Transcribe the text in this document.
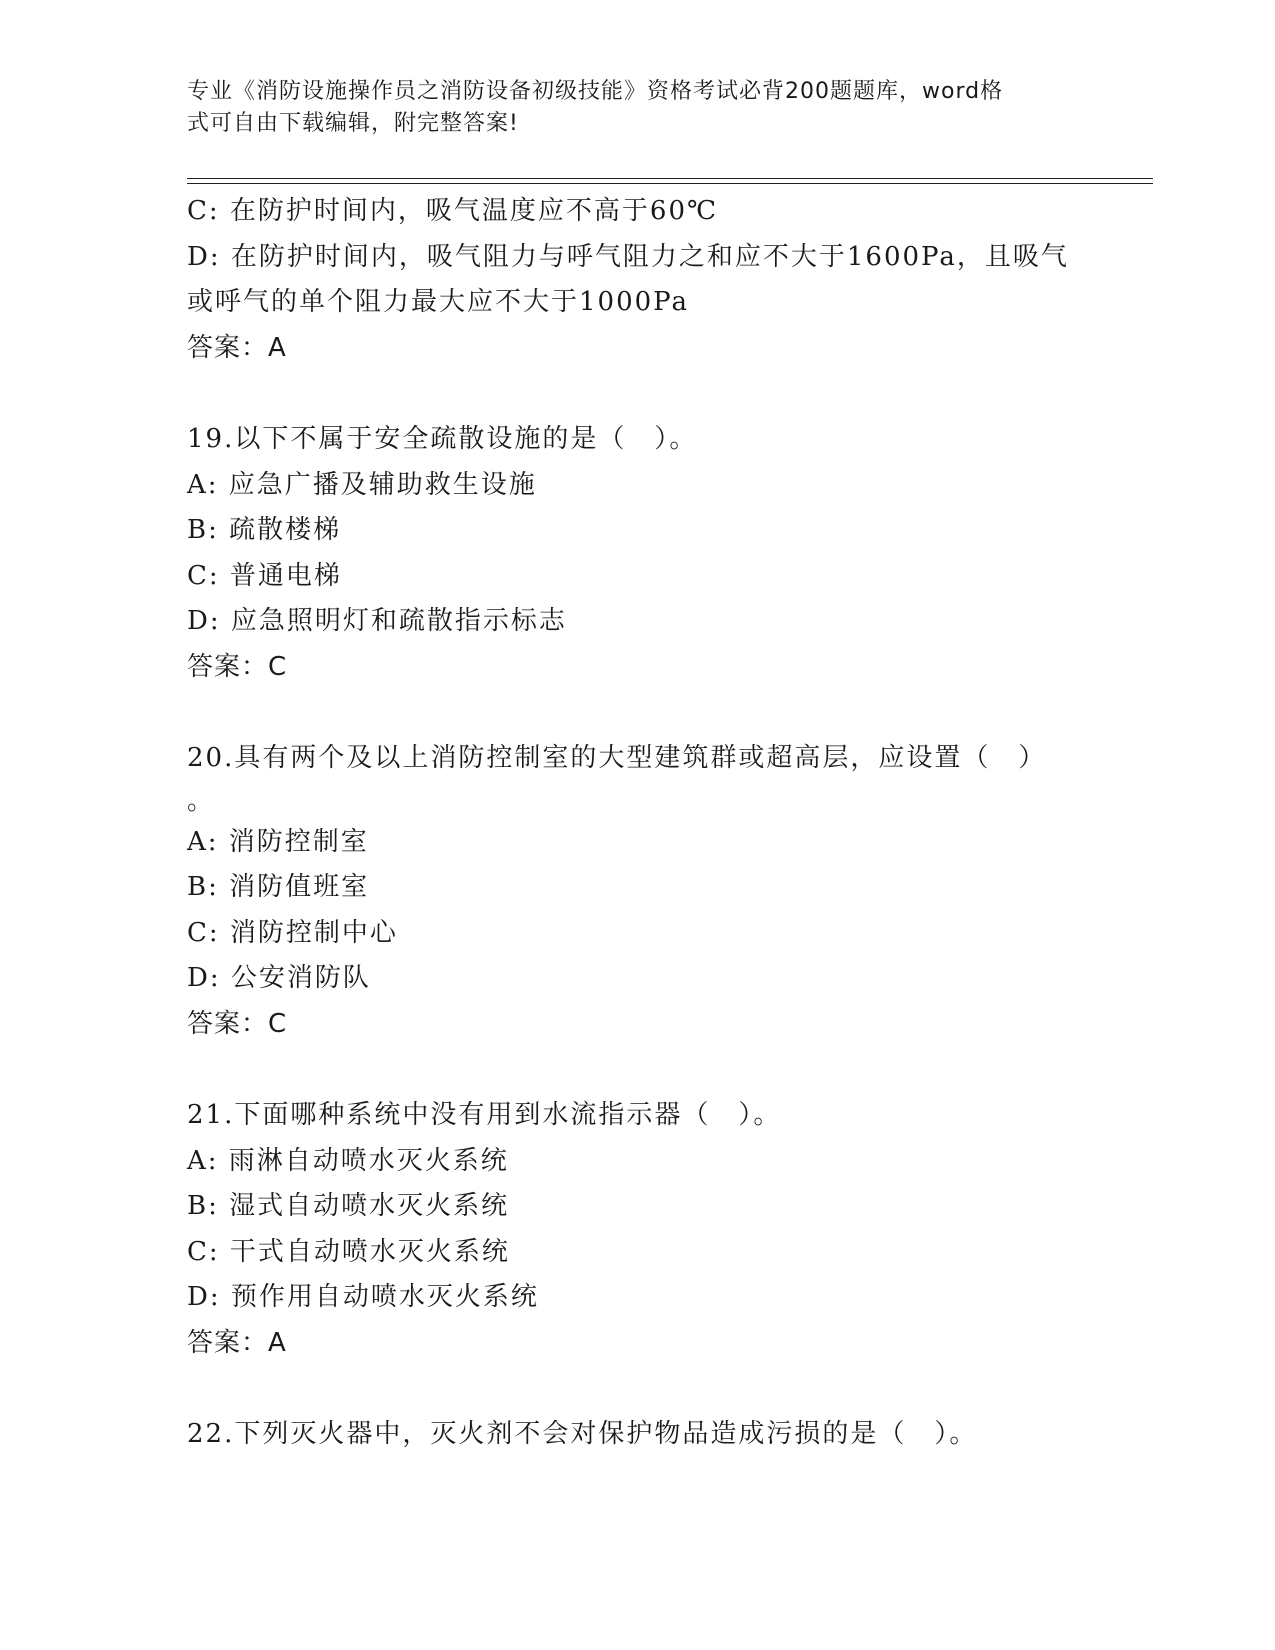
专业《消防设施操作员之消防设备初级技能》资格考试必背200题题库，word格
式可自由下载编辑，附完整答案!
C: 在防护时间内，吸气温度应不高于60℃
D: 在防护时间内，吸气阻力与呼气阻力之和应不大于1600Pa，且吸气
或呼气的单个阻力最大应不大于1000Pa
答案：A
19.以下不属于安全疏散设施的是（　）。
A: 应急广播及辅助救生设施
B: 疏散楼梯
C: 普通电梯
D: 应急照明灯和疏散指示标志
答案：C
20.具有两个及以上消防控制室的大型建筑群或超高层，应设置（　）
。
A: 消防控制室
B: 消防值班室
C: 消防控制中心
D: 公安消防队
答案：C
21.下面哪种系统中没有用到水流指示器（　）。
A: 雨淋自动喷水灭火系统
B: 湿式自动喷水灭火系统
C: 干式自动喷水灭火系统
D: 预作用自动喷水灭火系统
答案：A
22.下列灭火器中，灭火剂不会对保护物品造成污损的是（　）。
